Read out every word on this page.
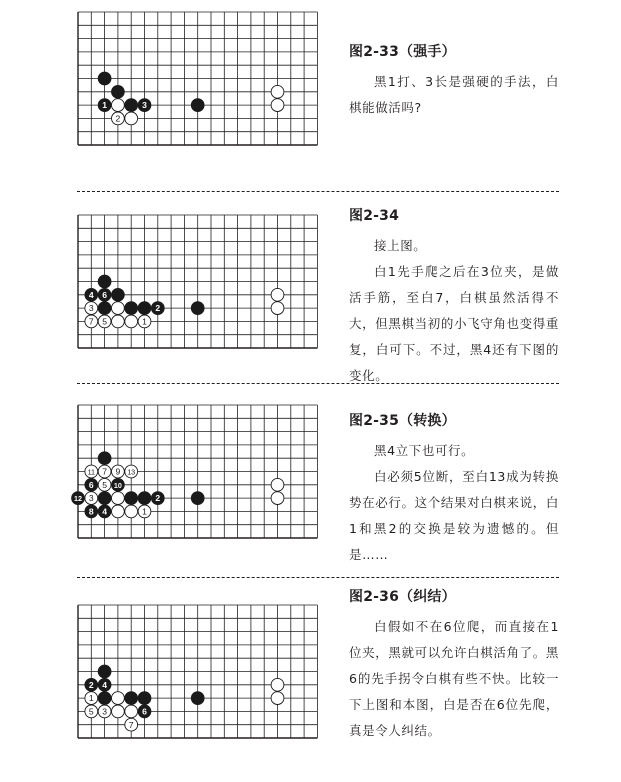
1	3
2
图2-33（强手）

黑1打、3长是强硬的手法，白棋能做活吗?

4 6
3	2
7 5	1
图2-34

接上图。

白1先手爬之后在3位夹，是做活手筋，至白7，白棋虽然活得不大，但黑棋当初的小飞守角也变得重复，白可下。不过，黑4还有下图的变化。

11 7 9 13
6 5 10
12 3	2
8 4	1
图2-35（转换）

黑4立下也可行。

白必须5位断，至白13成为转换势在必行。这个结果对白棋来说，白1和黑2的交换是较为遗憾的。但是……

2 4
1
5 3	6
7
图2-36（纠结）

白假如不在6位爬，而直接在1位夹，黑就可以允许白棋活角了。黑6的先手拐令白棋有些不快。比较一下上图和本图，白是否在6位先爬，真是令人纠结。
